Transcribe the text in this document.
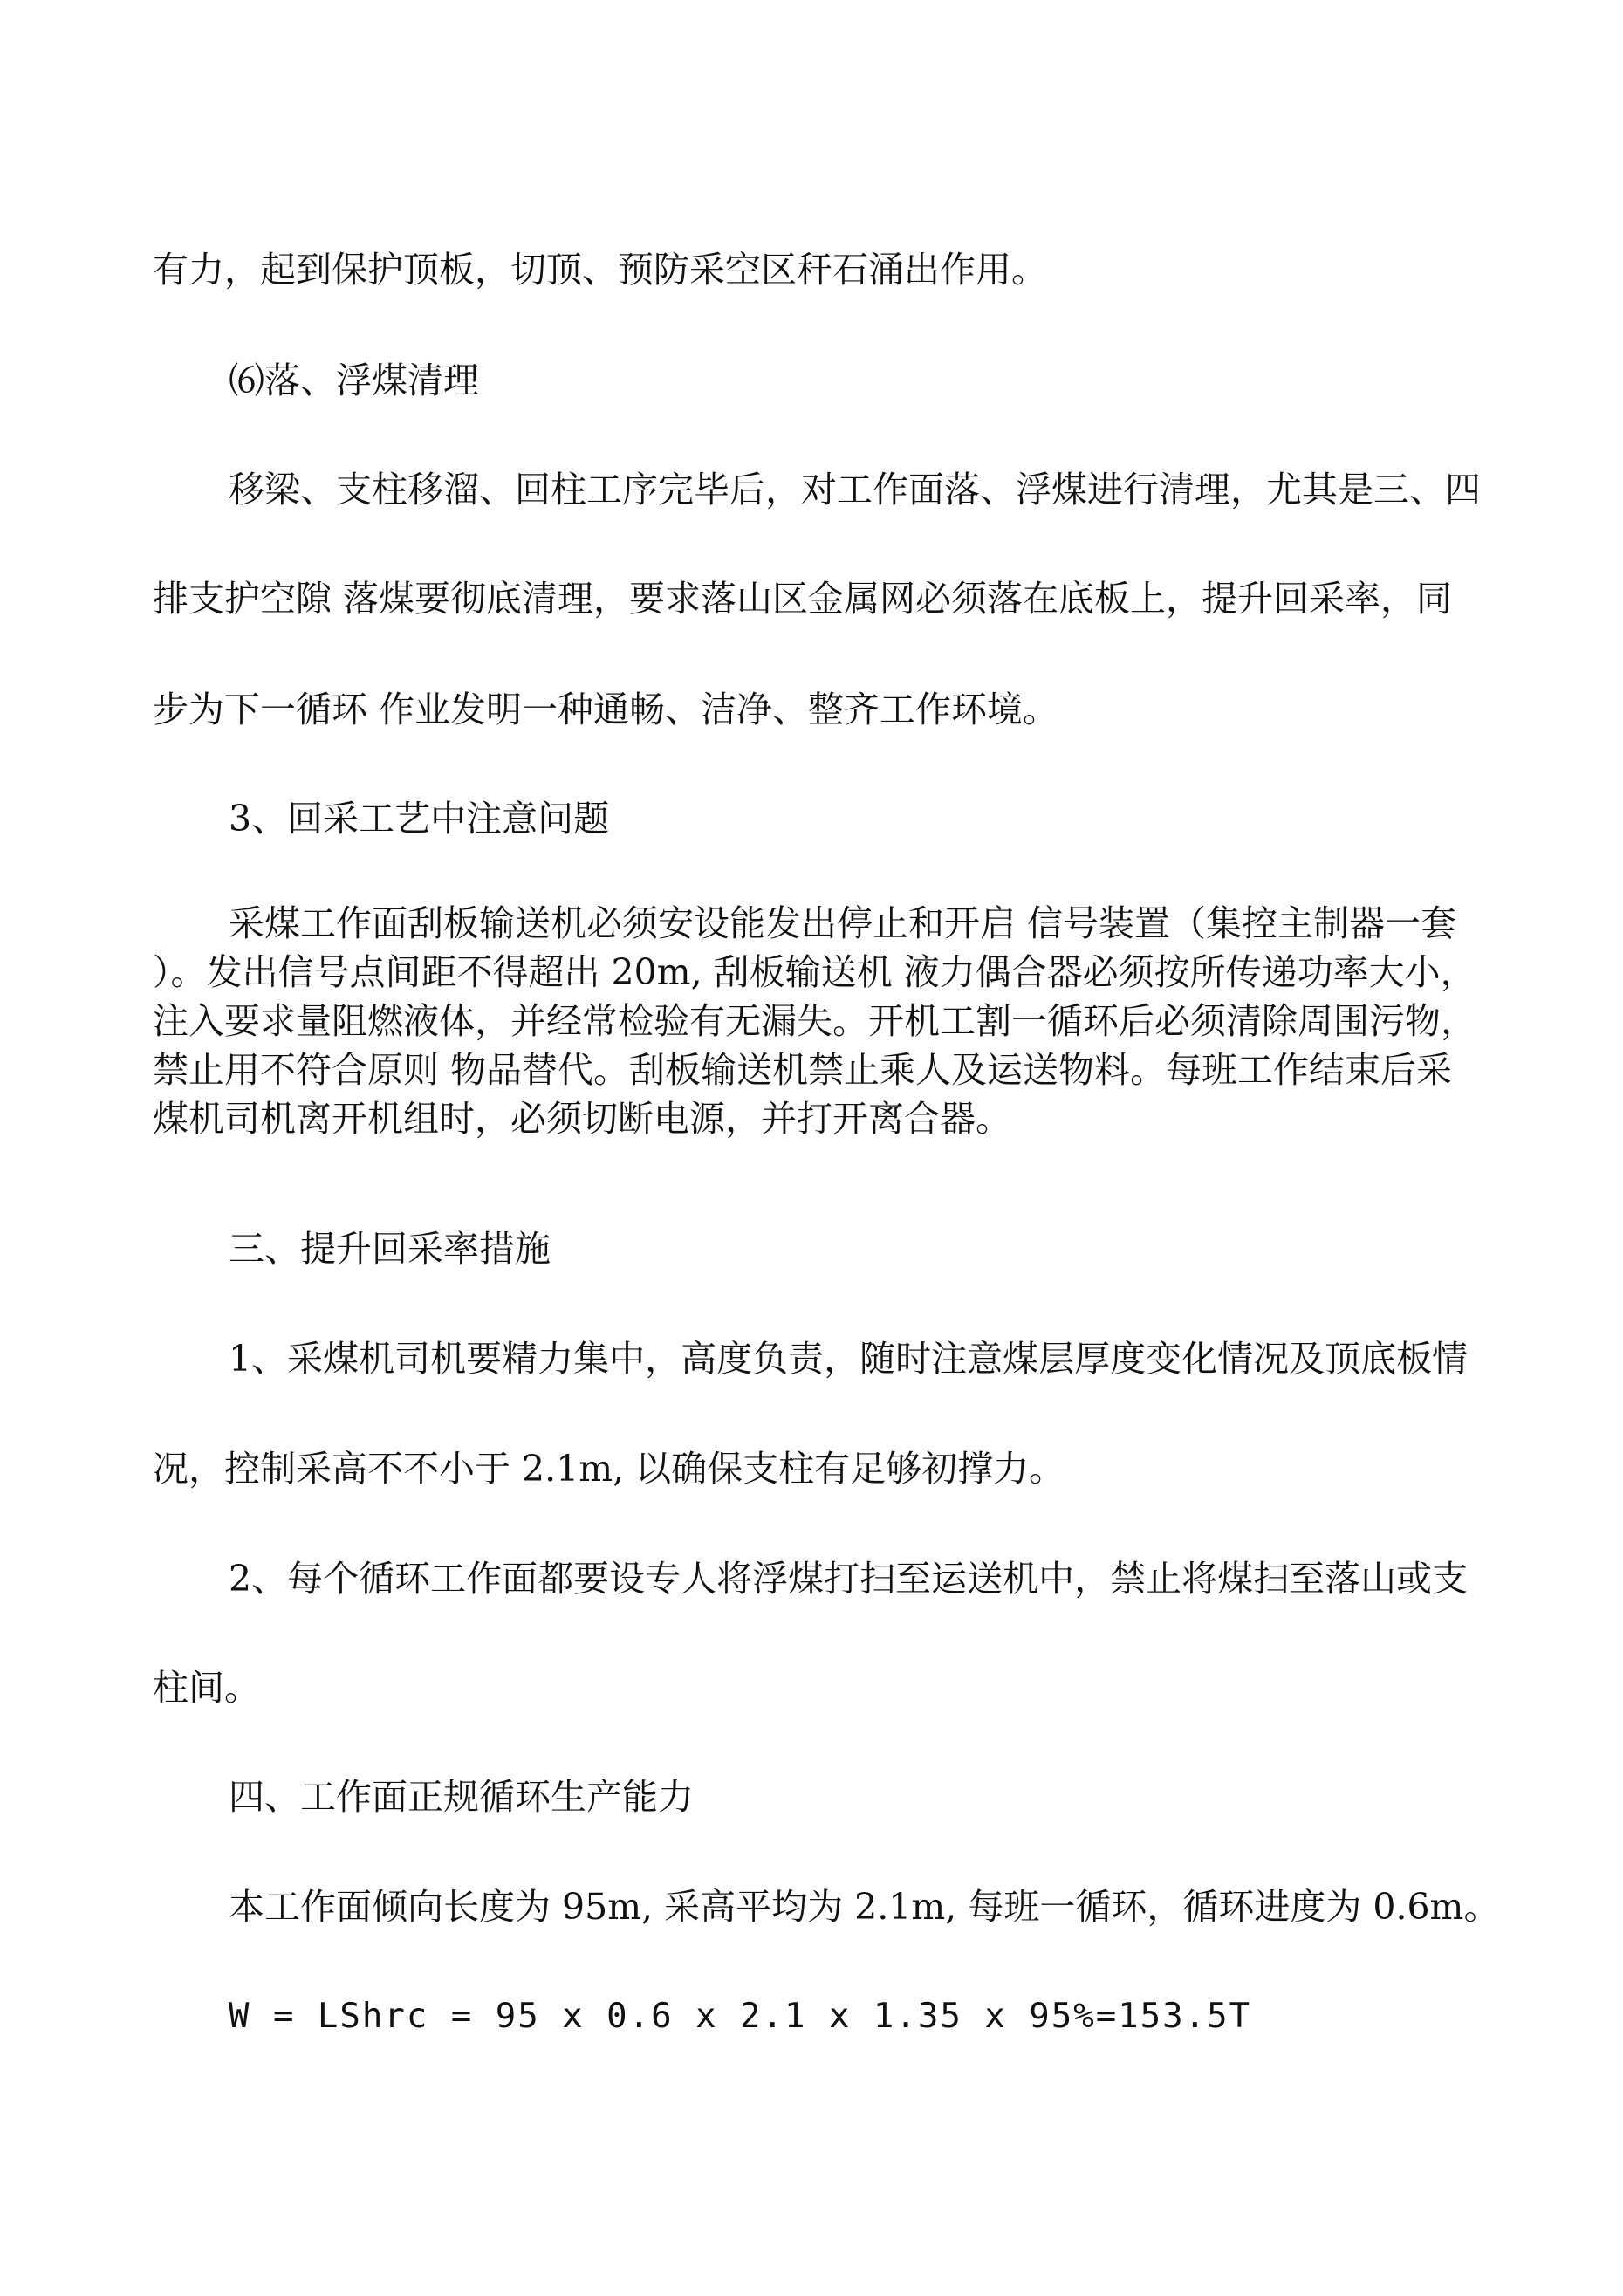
有力，起到保护顶板，切顶、预防采空区秆石涌出作用。

⑹落、浮煤清理

移梁、支柱移溜、回柱工序完毕后，对工作面落、浮煤进行清理，尤其是三、四

排支护空隙 落煤要彻底清理，要求落山区金属网必须落在底板上，提升回采率，同

步为下一循环 作业发明一种通畅、洁净、整齐工作环境。

3、回采工艺中注意问题

采煤工作面刮板输送机必须安设能发出停止和开启 信号装置（集控主制器一套
）。发出信号点间距不得超出 20m, 刮板输送机 液力偶合器必须按所传递功率大小，
注入要求量阻燃液体，并经常检验有无漏失。开机工割一循环后必须清除周围污物，
禁止用不符合原则 物品替代。刮板输送机禁止乘人及运送物料。每班工作结束后采
煤机司机离开机组时，必须切断电源，并打开离合器。

三、提升回采率措施

1、采煤机司机要精力集中，高度负责，随时注意煤层厚度变化情况及顶底板情

况，控制采高不不小于 2.1m, 以确保支柱有足够初撑力。

2、每个循环工作面都要设专人将浮煤打扫至运送机中，禁止将煤扫至落山或支

柱间。

四、工作面正规循环生产能力

本工作面倾向长度为 95m, 采高平均为 2.1m, 每班一循环，循环进度为 0.6m。

W = LShrc = 95 x 0.6 x 2.1 x 1.35 x 95%=153.5T
